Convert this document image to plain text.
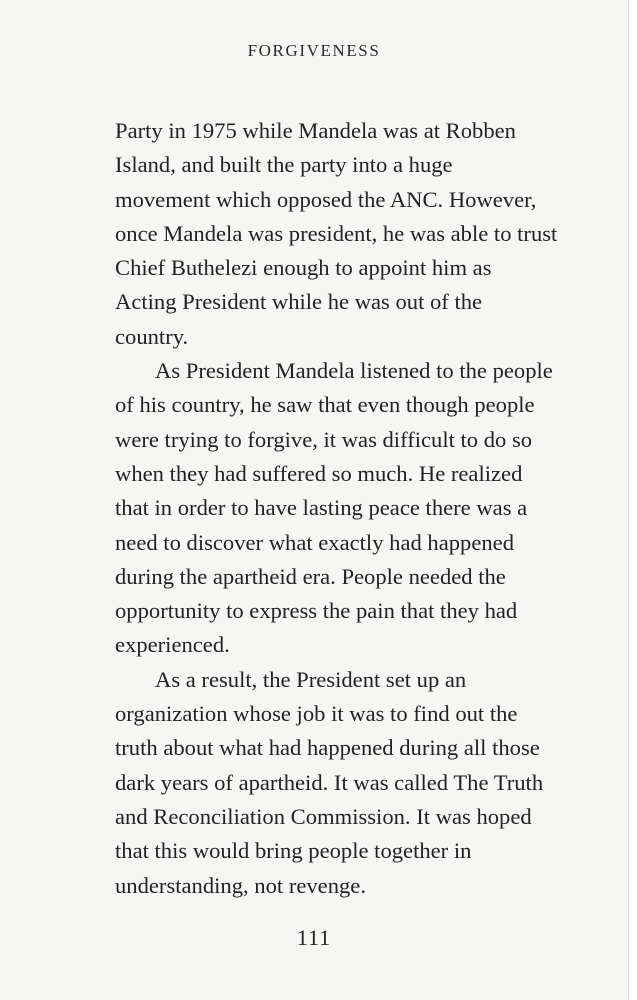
FORGIVENESS
Party in 1975 while Mandela was at Robben
Island, and built the party into a huge
movement which opposed the ANC. However,
once Mandela was president, he was able to trust
Chief Buthelezi enough to appoint him as
Acting President while he was out of the
country.
As President Mandela listened to the people
of his country, he saw that even though people
were trying to forgive, it was difficult to do so
when they had suffered so much. He realized
that in order to have lasting peace there was a
need to discover what exactly had happened
during the apartheid era. People needed the
opportunity to express the pain that they had
experienced.
As a result, the President set up an
organization whose job it was to find out the
truth about what had happened during all those
dark years of apartheid. It was called The Truth
and Reconciliation Commission. It was hoped
that this would bring people together in
understanding, not revenge.
111
